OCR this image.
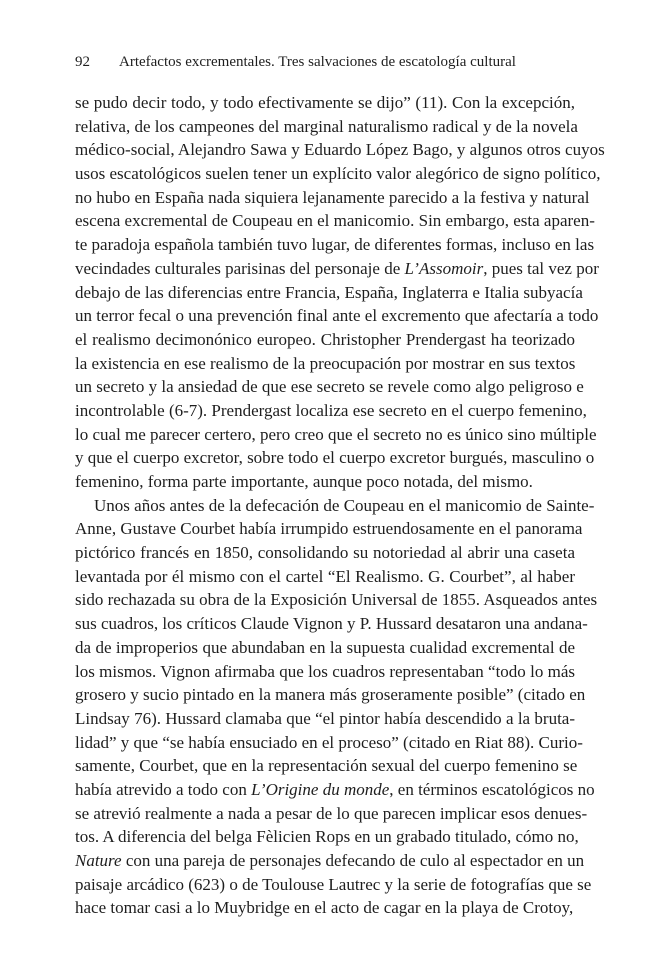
92 Artefactos excrementales. Tres salvaciones de escatología cultural
se pudo decir todo, y todo efectivamente se dijo” (11). Con la excepción,
relativa, de los campeones del marginal naturalismo radical y de la novela
médico-social, Alejandro Sawa y Eduardo López Bago, y algunos otros cuyos
usos escatológicos suelen tener un explícito valor alegórico de signo político,
no hubo en España nada siquiera lejanamente parecido a la festiva y natural
escena excremental de Coupeau en el manicomio. Sin embargo, esta aparen-
te paradoja española también tuvo lugar, de diferentes formas, incluso en las
vecindades culturales parisinas del personaje de L’Assomoir, pues tal vez por
debajo de las diferencias entre Francia, España, Inglaterra e Italia subyacía
un terror fecal o una prevención final ante el excremento que afectaría a todo
el realismo decimonónico europeo. Christopher Prendergast ha teorizado
la existencia en ese realismo de la preocupación por mostrar en sus textos
un secreto y la ansiedad de que ese secreto se revele como algo peligroso e
incontrolable (6-7). Prendergast localiza ese secreto en el cuerpo femenino,
lo cual me parecer certero, pero creo que el secreto no es único sino múltiple
y que el cuerpo excretor, sobre todo el cuerpo excretor burgués, masculino o
femenino, forma parte importante, aunque poco notada, del mismo.
Unos años antes de la defecación de Coupeau en el manicomio de Sainte-
Anne, Gustave Courbet había irrumpido estruendosamente en el panorama
pictórico francés en 1850, consolidando su notoriedad al abrir una caseta
levantada por él mismo con el cartel “El Realismo. G. Courbet”, al haber
sido rechazada su obra de la Exposición Universal de 1855. Asqueados antes
sus cuadros, los críticos Claude Vignon y P. Hussard desataron una andana-
da de improperios que abundaban en la supuesta cualidad excremental de
los mismos. Vignon afirmaba que los cuadros representaban “todo lo más
grosero y sucio pintado en la manera más groseramente posible” (citado en
Lindsay 76). Hussard clamaba que “el pintor había descendido a la bruta-
lidad” y que “se había ensuciado en el proceso” (citado en Riat 88). Curio-
samente, Courbet, que en la representación sexual del cuerpo femenino se
había atrevido a todo con L’Origine du monde, en términos escatológicos no
se atrevió realmente a nada a pesar de lo que parecen implicar esos denues-
tos. A diferencia del belga Fèlicien Rops en un grabado titulado, cómo no,
Nature con una pareja de personajes defecando de culo al espectador en un
paisaje arcádico (623) o de Toulouse Lautrec y la serie de fotografías que se
hace tomar casi a lo Muybridge en el acto de cagar en la playa de Crotoy,
